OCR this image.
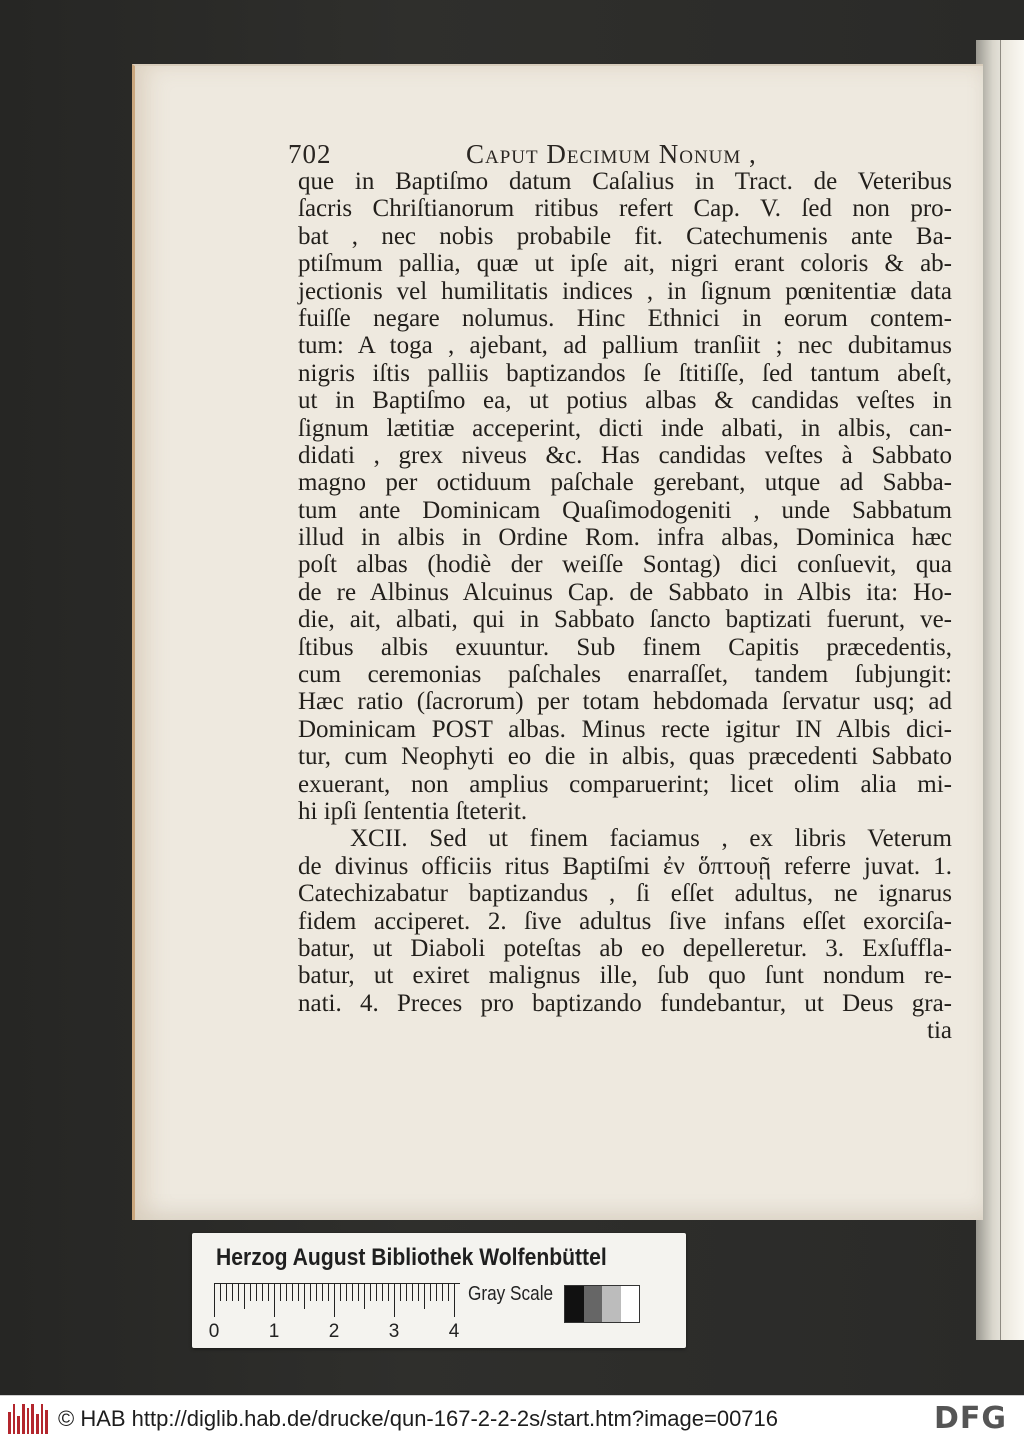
702	Caput Decimum Nonum ,
que in Baptiſmo datum Caſalius in Tract. de Veteribus
ſacris Chriſtianorum ritibus refert Cap. V. ſed non pro-
bat , nec nobis probabile fit. Catechumenis ante Ba-
ptiſmum pallia, quæ ut ipſe ait, nigri erant coloris & ab-
jectionis vel humilitatis indices , in ſignum pœnitentiæ data
fuiſſe negare nolumus. Hinc Ethnici in eorum contem-
tum: A toga , ajebant, ad pallium tranſiit ; nec dubitamus
nigris iſtis palliis baptizandos ſe ſtitiſſe, ſed tantum abeſt,
ut in Baptiſmo ea, ut potius albas & candidas veſtes in
ſignum lætitiæ acceperint, dicti inde albati, in albis, can-
didati , grex niveus &c. Has candidas veſtes à Sabbato
magno per octiduum paſchale gerebant, utque ad Sabba-
tum ante Dominicam Quaſimodogeniti , unde Sabbatum
illud in albis in Ordine Rom. infra albas, Dominica hæc
poſt albas (hodiè der weiſſe Sontag) dici conſuevit, qua
de re Albinus Alcuinus Cap. de Sabbato in Albis ita: Ho-
die, ait, albati, qui in Sabbato ſancto baptizati fuerunt, ve-
ſtibus albis exuuntur. Sub finem Capitis præcedentis,
cum ceremonias paſchales enarraſſet, tandem ſubjungit:
Hæc ratio (ſacrorum) per totam hebdomada ſervatur usq; ad
Dominicam POST albas. Minus recte igitur IN Albis dici-
tur, cum Neophyti eo die in albis, quas præcedenti Sabbato
exuerant, non amplius comparuerint; licet olim alia mi-
hi ipſi ſententia ſteterit.
XCII. Sed ut finem faciamus , ex libris Veterum
de divinus officiis ritus Baptiſmi ἐν ὅπτουῇ referre juvat. 1.
Catechizabatur baptizandus , ſi eſſet adultus, ne ignarus
fidem acciperet. 2. ſive adultus ſive infans eſſet exorciſa-
batur, ut Diaboli poteſtas ab eo depelleretur. 3. Exſuffla-
batur, ut exiret malignus ille, ſub quo ſunt nondum re-
nati. 4. Preces pro baptizando fundebantur, ut Deus gra-
tia
Herzog August Bibliothek Wolfenbüttel
0	1	2	3	4
Gray Scale
© HAB http://diglib.hab.de/drucke/qun-167-2-2-2s/start.htm?image=00716	DFG
